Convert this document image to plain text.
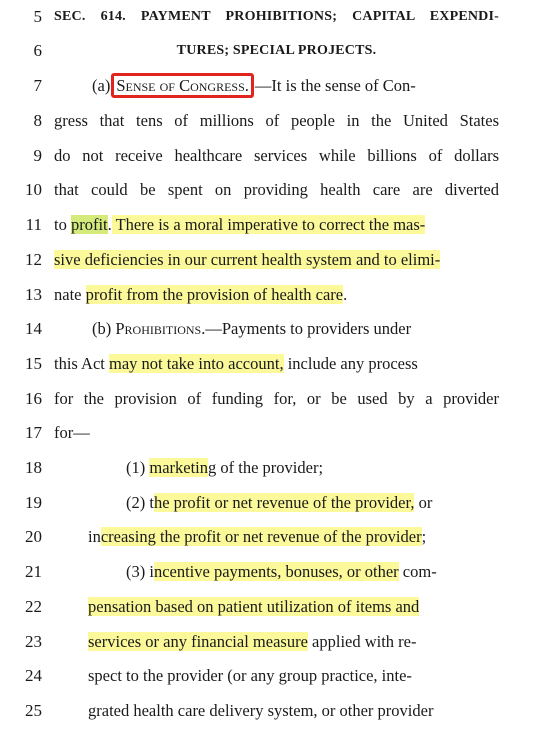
5 SEC. 614. PAYMENT PROHIBITIONS; CAPITAL EXPENDI-
6	TURES; SPECIAL PROJECTS.
7	(a) Sense of Congress. —It is the sense of Con-
8 gress that tens of millions of people in the United States
9 do not receive healthcare services while billions of dollars
10 that could be spent on providing health care are diverted
11 to profit. There is a moral imperative to correct the mas-
12 sive deficiencies in our current health system and to elimi-
13 nate profit from the provision of health care.
14	(b) Prohibitions.—Payments to providers under
15 this Act may not take into account, include any process
16 for the provision of funding for, or be used by a provider
17 for—
18	(1) marketing of the provider;
19	(2) the profit or net revenue of the provider, or
20	increasing the profit or net revenue of the provider;
21	(3) incentive payments, bonuses, or other com-
22	pensation based on patient utilization of items and
23	services or any financial measure applied with re-
24	spect to the provider (or any group practice, inte-
25	grated health care delivery system, or other provider
